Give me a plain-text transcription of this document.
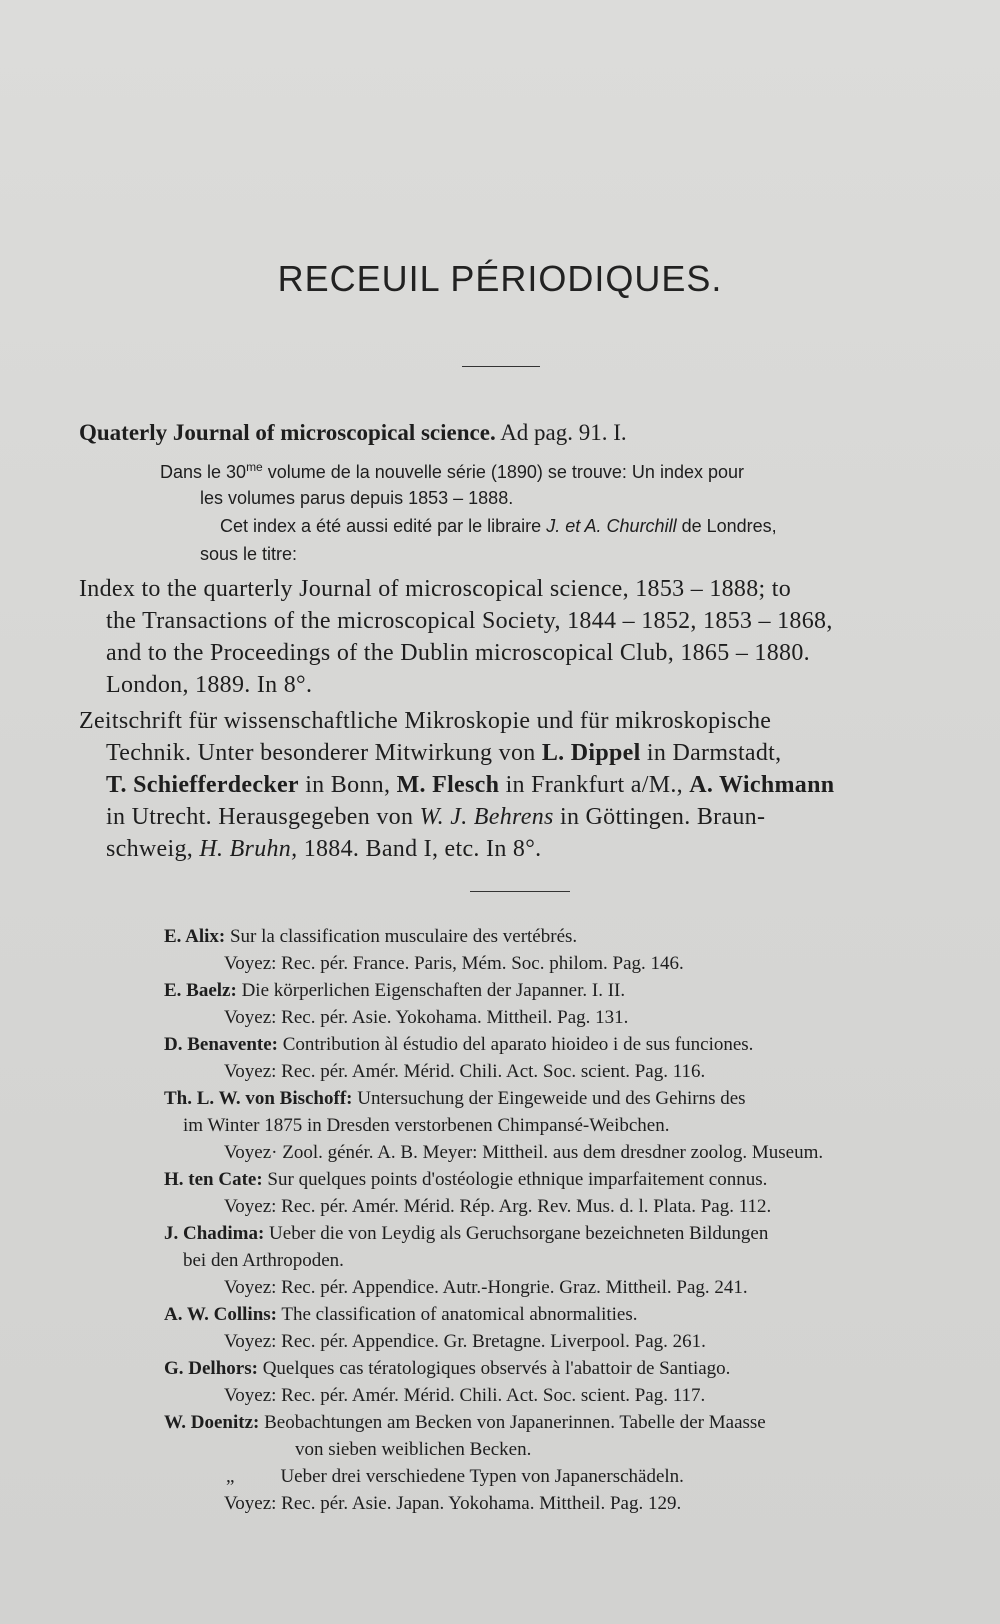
RECEUIL PÉRIODIQUES.
Quaterly Journal of microscopical science. Ad pag. 91. I.
Dans le $30^{me}$ volume de la nouvelle série (1890) se trouve: Un index pour
les volumes parus depuis 1853 – 1888.
Cet index a été aussi edité par le libraire J. et A. Churchill de Londres,
sous le titre:
Index to the quarterly Journal of microscopical science, 1853 – 1888; to
the Transactions of the microscopical Society, 1844 – 1852, 1853 – 1868,
and to the Proceedings of the Dublin microscopical Club, 1865 – 1880.
London, 1889. In 8°.
Zeitschrift für wissenschaftliche Mikroskopie und für mikroskopische
Technik. Unter besonderer Mitwirkung von L. Dippel in Darmstadt,
T. Schiefferdecker in Bonn, M. Flesch in Frankfurt a/M., A. Wichmann
in Utrecht. Herausgegeben von W. J. Behrens in Göttingen. Braun-
schweig, H. Bruhn, 1884. Band I, etc. In 8°.
E. Alix: Sur la classification musculaire des vertébrés.
Voyez: Rec. pér. France. Paris, Mém. Soc. philom. Pag. 146.
E. Baelz: Die körperlichen Eigenschaften der Japanner. I. II.
Voyez: Rec. pér. Asie. Yokohama. Mittheil. Pag. 131.
D. Benavente: Contribution àl éstudio del aparato hioideo i de sus funciones.
Voyez: Rec. pér. Amér. Mérid. Chili. Act. Soc. scient. Pag. 116.
Th. L. W. von Bischoff: Untersuchung der Eingeweide und des Gehirns des
im Winter 1875 in Dresden verstorbenen Chimpansé-Weibchen.
Voyez· Zool. génér. A. B. Meyer: Mittheil. aus dem dresdner zoolog. Museum.
H. ten Cate: Sur quelques points d'ostéologie ethnique imparfaitement connus.
Voyez: Rec. pér. Amér. Mérid. Rép. Arg. Rev. Mus. d. l. Plata. Pag. 112.
J. Chadima: Ueber die von Leydig als Geruchsorgane bezeichneten Bildungen
bei den Arthropoden.
Voyez: Rec. pér. Appendice. Autr.-Hongrie. Graz. Mittheil. Pag. 241.
A. W. Collins: The classification of anatomical abnormalities.
Voyez: Rec. pér. Appendice. Gr. Bretagne. Liverpool. Pag. 261.
G. Delhors: Quelques cas tératologiques observés à l'abattoir de Santiago.
Voyez: Rec. pér. Amér. Mérid. Chili. Act. Soc. scient. Pag. 117.
W. Doenitz: Beobachtungen am Becken von Japanerinnen. Tabelle der Maasse
von sieben weiblichen Becken.
„ Ueber drei verschiedene Typen von Japanerschädeln.
Voyez: Rec. pér. Asie. Japan. Yokohama. Mittheil. Pag. 129.
